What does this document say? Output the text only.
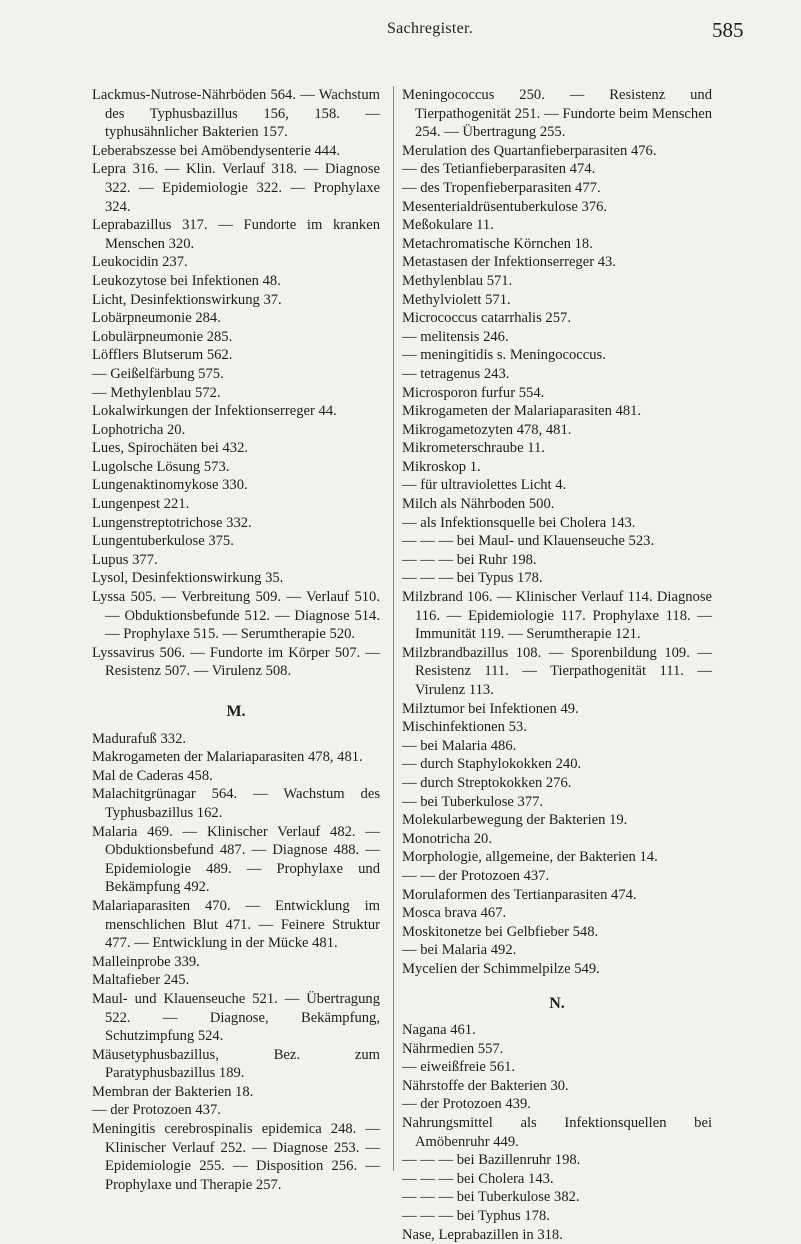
Sachregister.	585
Lackmus-Nutrose-Nährböden 564. — Wachstum des Typhusbazillus 156, 158. — typhusähnlicher Bakterien 157.
Leberabszesse bei Amöbendysenterie 444.
Lepra 316. — Klin. Verlauf 318. — Diagnose 322. — Epidemiologie 322. — Prophylaxe 324.
Leprabazillus 317. — Fundorte im kranken Menschen 320.
Leukocidin 237.
Leukozytose bei Infektionen 48.
Licht, Desinfektionswirkung 37.
Lobärpneumonie 284.
Lobulärpneumonie 285.
Löfflers Blutserum 562.
— Geißelfärbung 575.
— Methylenblau 572.
Lokalwirkungen der Infektionserreger 44.
Lophotricha 20.
Lues, Spirochäten bei 432.
Lugolsche Lösung 573.
Lungenaktinomykose 330.
Lungenpest 221.
Lungenstreptotrichose 332.
Lungentuberkulose 375.
Lupus 377.
Lysol, Desinfektionswirkung 35.
Lyssa 505. — Verbreitung 509. — Verlauf 510. — Obduktionsbefunde 512. — Diagnose 514. — Prophylaxe 515. — Serumtherapie 520.
Lyssavirus 506. — Fundorte im Körper 507. — Resistenz 507. — Virulenz 508.
M.
Madurafuß 332.
Makrogameten der Malariaparasiten 478, 481.
Mal de Caderas 458.
Malachitgrünagar 564. — Wachstum des Typhusbazillus 162.
Malaria 469. — Klinischer Verlauf 482. — Obduktionsbefund 487. — Diagnose 488. — Epidemiologie 489. — Prophylaxe und Bekämpfung 492.
Malariaparasiten 470. — Entwicklung im menschlichen Blut 471. — Feinere Struktur 477. — Entwicklung in der Mücke 481.
Malleinprobe 339.
Maltafieber 245.
Maul- und Klauenseuche 521. — Übertragung 522. — Diagnose, Bekämpfung, Schutzimpfung 524.
Mäusetyphusbazillus, Bez. zum Paratyphusbazillus 189.
Membran der Bakterien 18.
— der Protozoen 437.
Meningitis cerebrospinalis epidemica 248. — Klinischer Verlauf 252. — Diagnose 253. — Epidemiologie 255. — Disposition 256. — Prophylaxe und Therapie 257.
Meningococcus 250. — Resistenz und Tierpathogenität 251. — Fundorte beim Menschen 254. — Übertragung 255.
Merulation des Quartanfieberparasiten 476.
— des Tetianfieberparasiten 474.
— des Tropenfieberparasiten 477.
Mesenterialdrüsentuberkulose 376.
Meßokulare 11.
Metachromatische Körnchen 18.
Metastasen der Infektionserreger 43.
Methylenblau 571.
Methylviolett 571.
Micrococcus catarrhalis 257.
— melitensis 246.
— meningitidis s. Meningococcus.
— tetragenus 243.
Microsporon furfur 554.
Mikrogameten der Malariaparasiten 481.
Mikrogametozyten 478, 481.
Mikrometerschraube 11.
Mikroskop 1.
— für ultraviolettes Licht 4.
Milch als Nährboden 500.
— als Infektionsquelle bei Cholera 143.
— — — bei Maul- und Klauenseuche 523.
— — — bei Ruhr 198.
— — — bei Typus 178.
Milzbrand 106. — Klinischer Verlauf 114. Diagnose 116. — Epidemiologie 117. Prophylaxe 118. — Immunität 119. — Serumtherapie 121.
Milzbrandbazillus 108. — Sporenbildung 109. — Resistenz 111. — Tierpathogenität 111. — Virulenz 113.
Milztumor bei Infektionen 49.
Mischinfektionen 53.
— bei Malaria 486.
— durch Staphylokokken 240.
— durch Streptokokken 276.
— bei Tuberkulose 377.
Molekularbewegung der Bakterien 19.
Monotricha 20.
Morphologie, allgemeine, der Bakterien 14.
— — der Protozoen 437.
Morulaformen des Tertianparasiten 474.
Mosca brava 467.
Moskitonetze bei Gelbfieber 548.
— bei Malaria 492.
Mycelien der Schimmelpilze 549.
N.
Nagana 461.
Nährmedien 557.
— eiweißfreie 561.
Nährstoffe der Bakterien 30.
— der Protozoen 439.
Nahrungsmittel als Infektionsquellen bei Amöbenruhr 449.
— — — bei Bazillenruhr 198.
— — — bei Cholera 143.
— — — bei Tuberkulose 382.
— — — bei Typhus 178.
Nase, Leprabazillen in 318.
